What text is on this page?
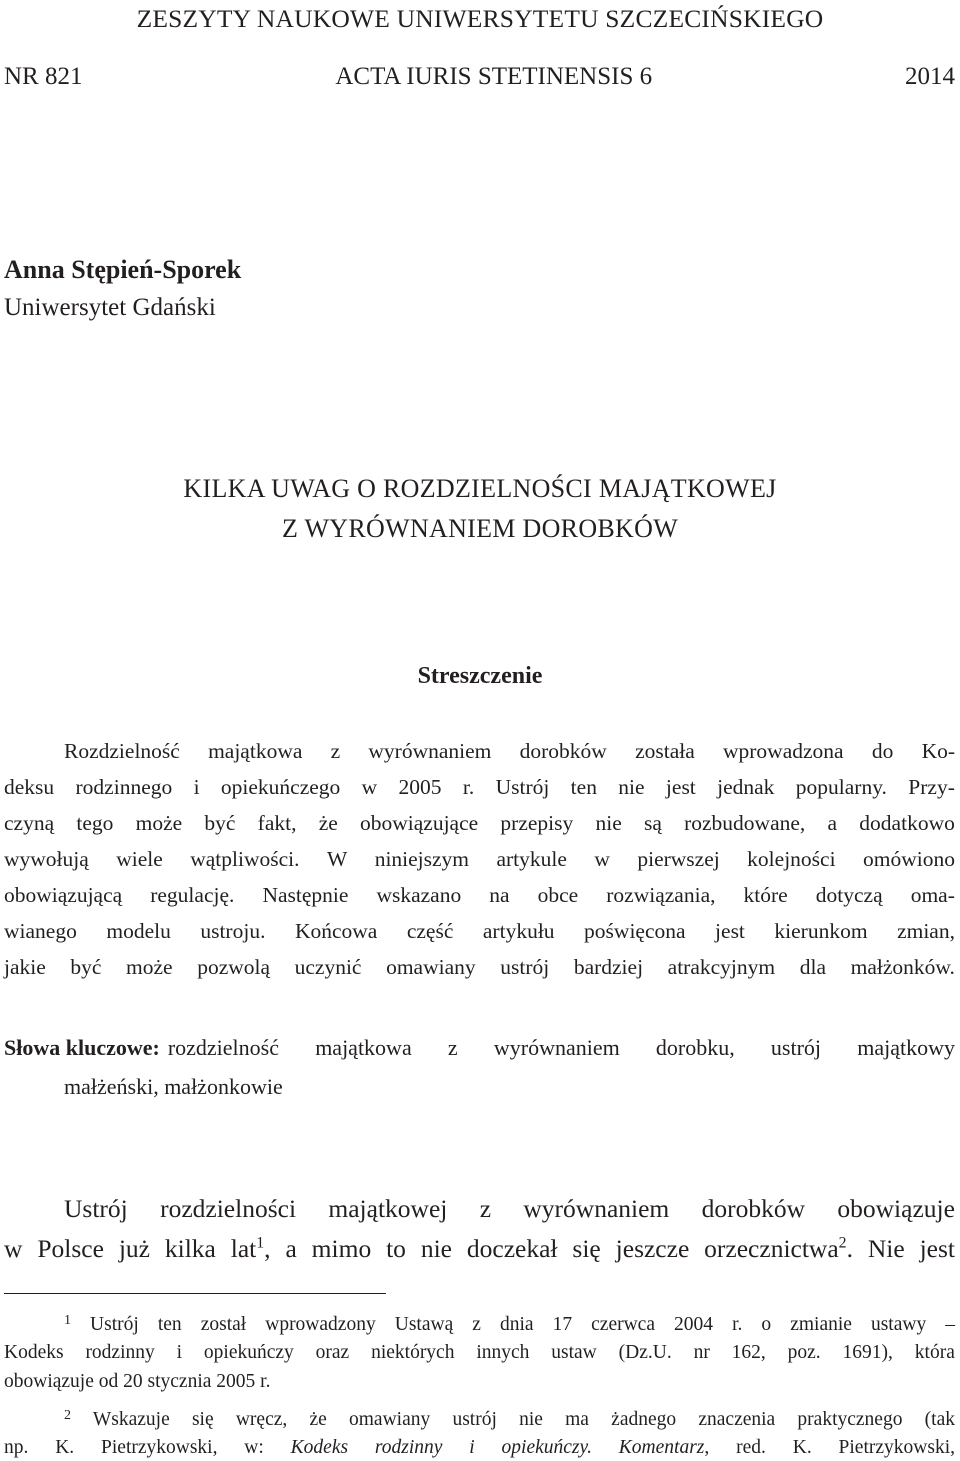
ZESZYTY NAUKOWE UNIWERSYTETU SZCZECIŃSKIEGO
NR 821	ACTA IURIS STETINENSIS 6	2014
Anna Stępień-Sporek
Uniwersytet Gdański
KILKA UWAG O ROZDZIELNOŚCI MAJĄTKOWEJ
Z WYRÓWNANIEM DOROBKÓW
Streszczenie
Rozdzielność majątkowa z wyrównaniem dorobków została wprowadzona do Ko-
deksu rodzinnego i opiekuńczego w 2005 r. Ustrój ten nie jest jednak popularny. Przy-
czyną tego może być fakt, że obowiązujące przepisy nie są rozbudowane, a dodatkowo
wywołują wiele wątpliwości. W niniejszym artykule w pierwszej kolejności omówiono
obowiązującą regulację. Następnie wskazano na obce rozwiązania, które dotyczą oma-
wianego modelu ustroju. Końcowa część artykułu poświęcona jest kierunkom zmian,
jakie być może pozwolą uczynić omawiany ustrój bardziej atrakcyjnym dla małżonków.
Słowa kluczowe: rozdzielność majątkowa z wyrównaniem dorobku, ustrój majątkowy
małżeński, małżonkowie
Ustrój rozdzielności majątkowej z wyrównaniem dorobków obowiązuje
w Polsce już kilka lat$^1$, a mimo to nie doczekał się jeszcze orzecznictwa$^2$. Nie jest
$^1$ Ustrój ten został wprowadzony Ustawą z dnia 17 czerwca 2004 r. o zmianie ustawy –
Kodeks rodzinny i opiekuńczy oraz niektórych innych ustaw (Dz.U. nr 162, poz. 1691), która
obowiązuje od 20 stycznia 2005 r.
$^2$ Wskazuje się wręcz, że omawiany ustrój nie ma żadnego znaczenia praktycznego (tak
np. K. Pietrzykowski, w: Kodeks rodzinny i opiekuńczy. Komentarz, red. K. Pietrzykowski,
